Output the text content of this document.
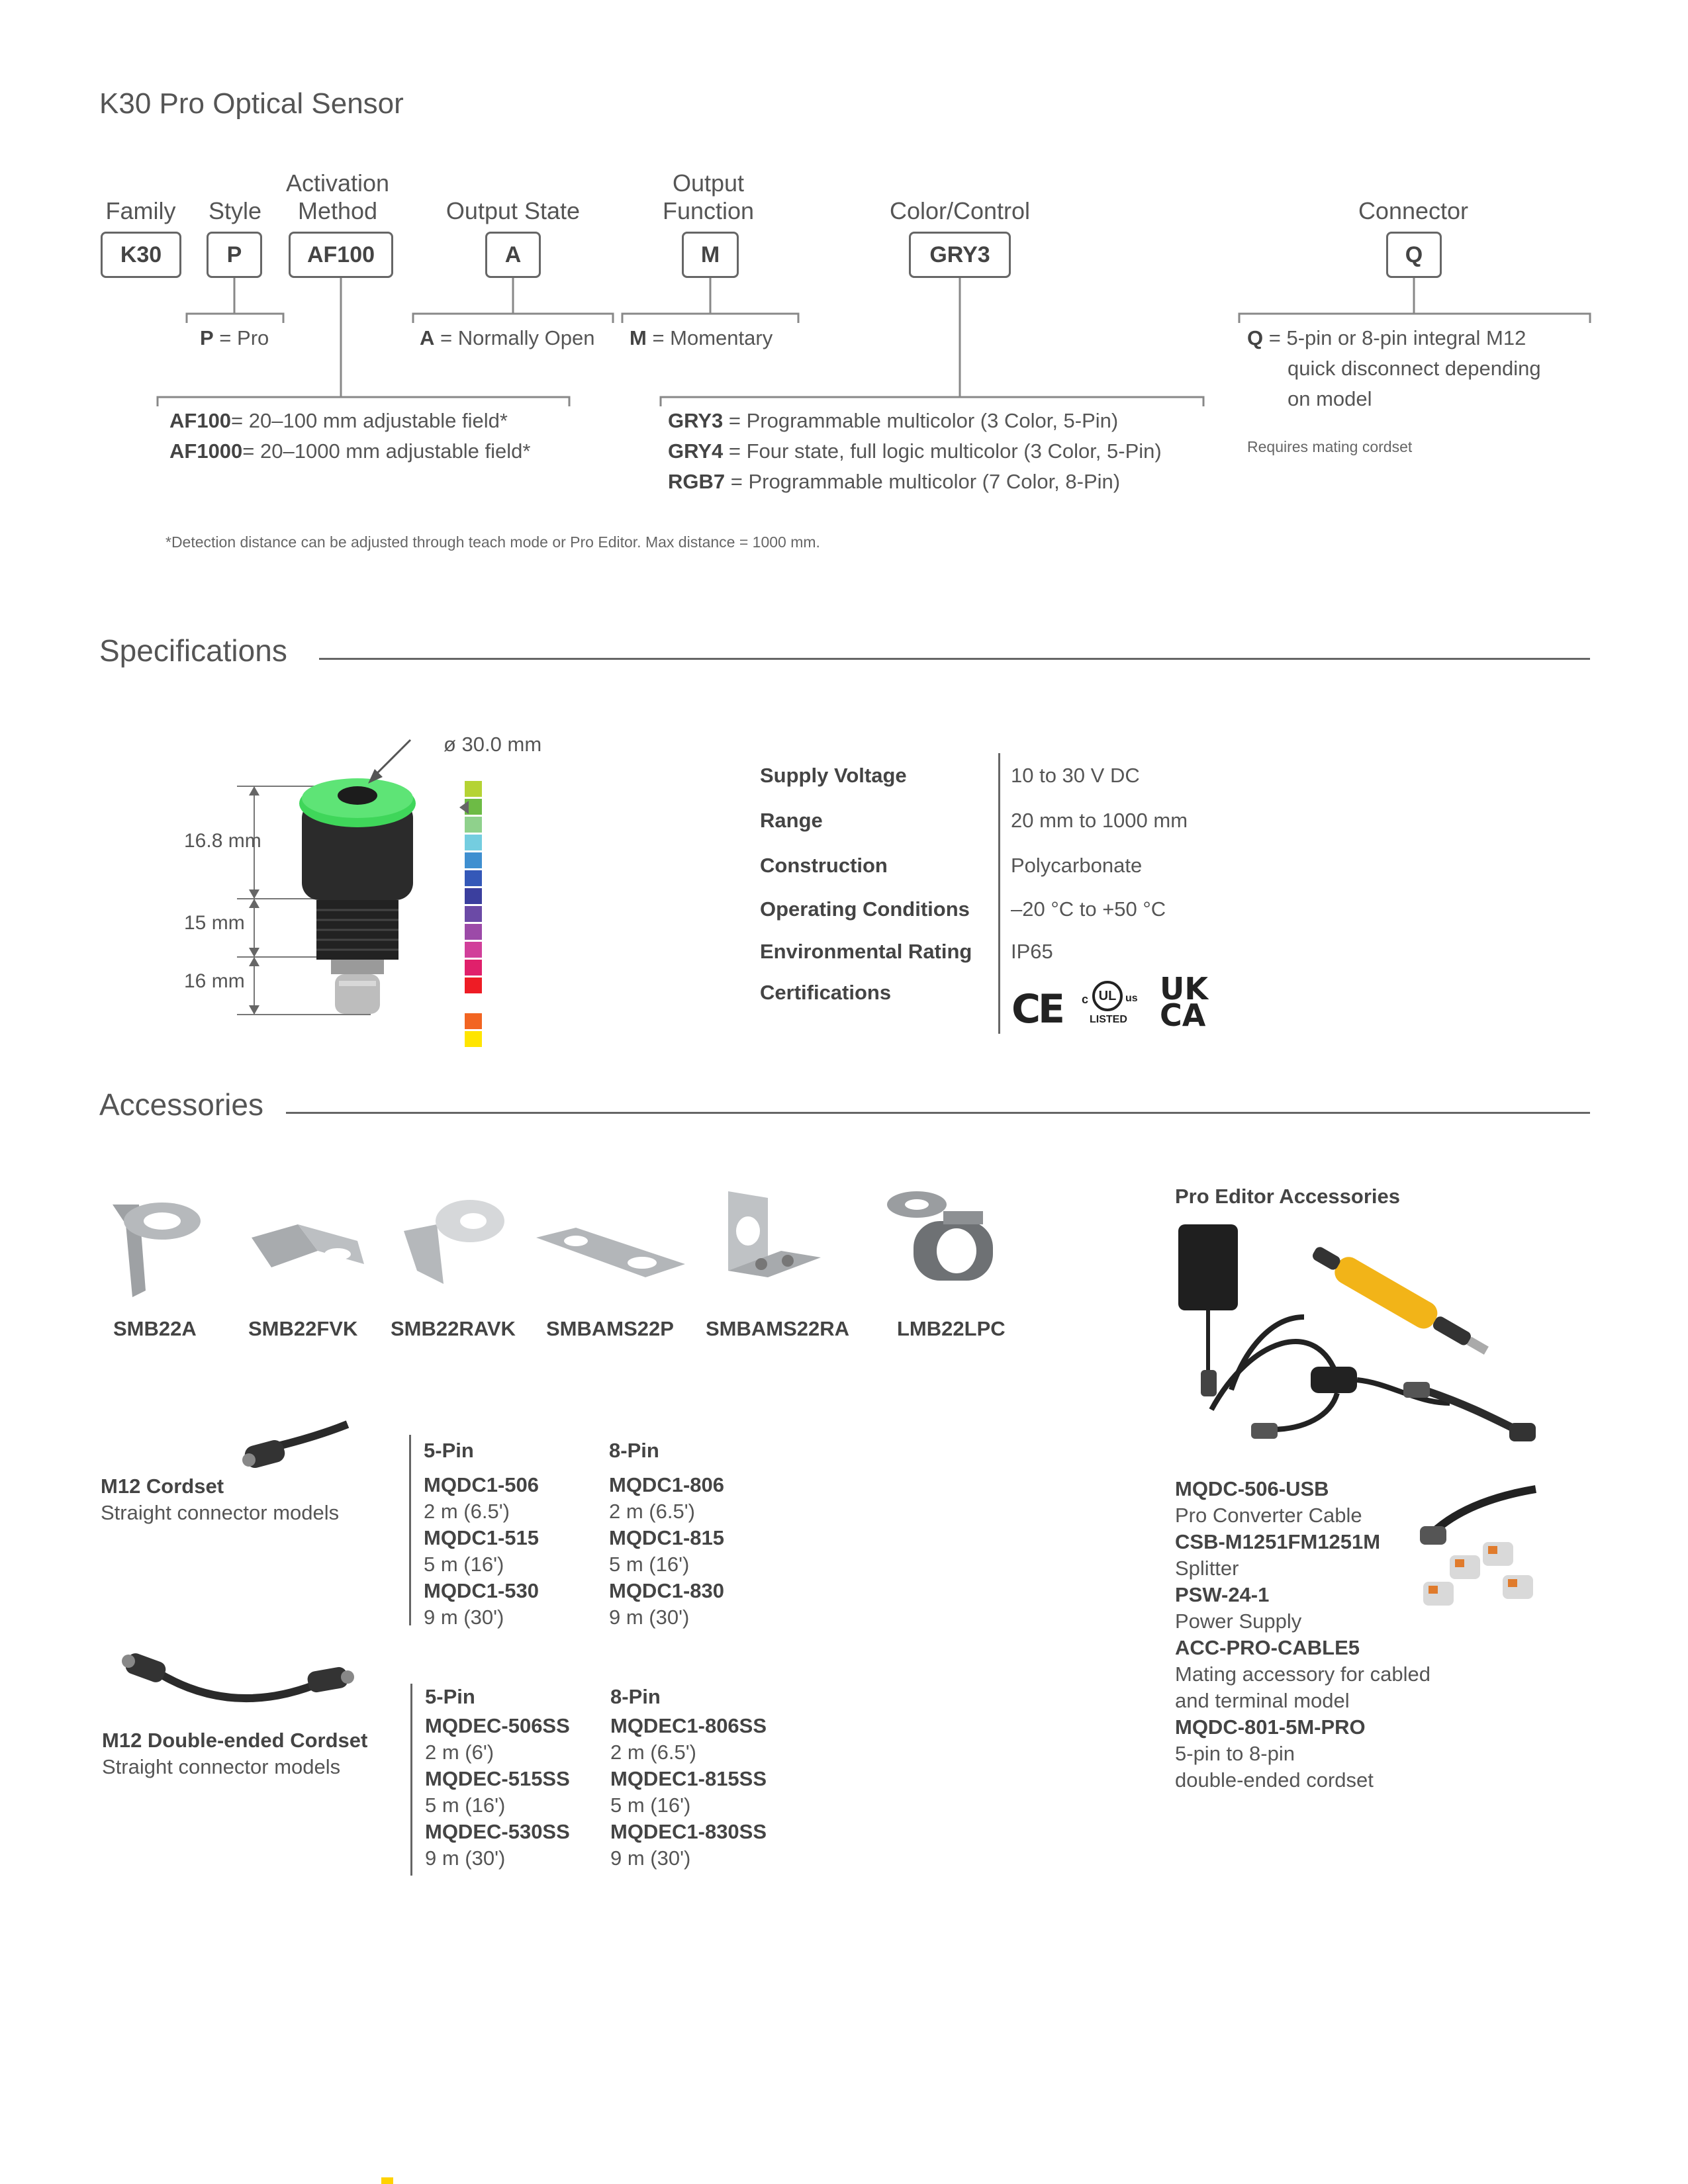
K30 Pro Optical Sensor
Family	Style
Activation
Method	Output State
Output
Function	Color/Control	Connector
K30	P	AF100	A	M	GRY3	Q
P = Pro	A = Normally Open M = Momentary
AF100= 20–100 mm adjustable field*
AF1000= 20–1000 mm adjustable field*
GRY3 = Programmable multicolor (3 Color, 5-Pin)
GRY4 = Four state, full logic multicolor (3 Color, 5-Pin)
RGB7 = Programmable multicolor (7 Color, 8-Pin)
Q = 5-pin or 8-pin integral M12
quick disconnect depending
on model
Requires mating cordset
*Detection distance can be adjusted through teach mode or Pro Editor. Max distance = 1000 mm.
Specifications
ø 30.0 mm
16.8 mm
15 mm
16 mm
Supply Voltage	10 to 30 V DC
Range	20 mm to 1000 mm
Construction	Polycarbonate
Operating Conditions –20 °C to +50 °C
Environmental Rating IP65
Certifications	CE c UL us
LISTED
UK
CA
Accessories
SMB22A	SMB22FVK SMB22RAVK SMBAMS22P SMBAMS22RA LMB22LPC
M12 Cordset
Straight connector models
5-Pin
MQDC1-506
2 m (6.5')
MQDC1-515
5 m (16')
MQDC1-530
9 m (30')
8-Pin
MQDC1-806
2 m (6.5')
MQDC1-815
5 m (16')
MQDC1-830
9 m (30')
M12 Double-ended Cordset
Straight connector models
5-Pin
MQDEC-506SS
2 m (6')
MQDEC-515SS
5 m (16')
MQDEC-530SS
9 m (30')
8-Pin
MQDEC1-806SS
2 m (6.5')
MQDEC1-815SS
5 m (16')
MQDEC1-830SS
9 m (30')
Pro Editor Accessories
MQDC-506-USB
Pro Converter Cable
CSB-M1251FM1251M
Splitter
PSW-24-1
Power Supply
ACC-PRO-CABLE5
Mating accessory for cabled
and terminal model
MQDC-801-5M-PRO
5-pin to 8-pin
double-ended cordset
